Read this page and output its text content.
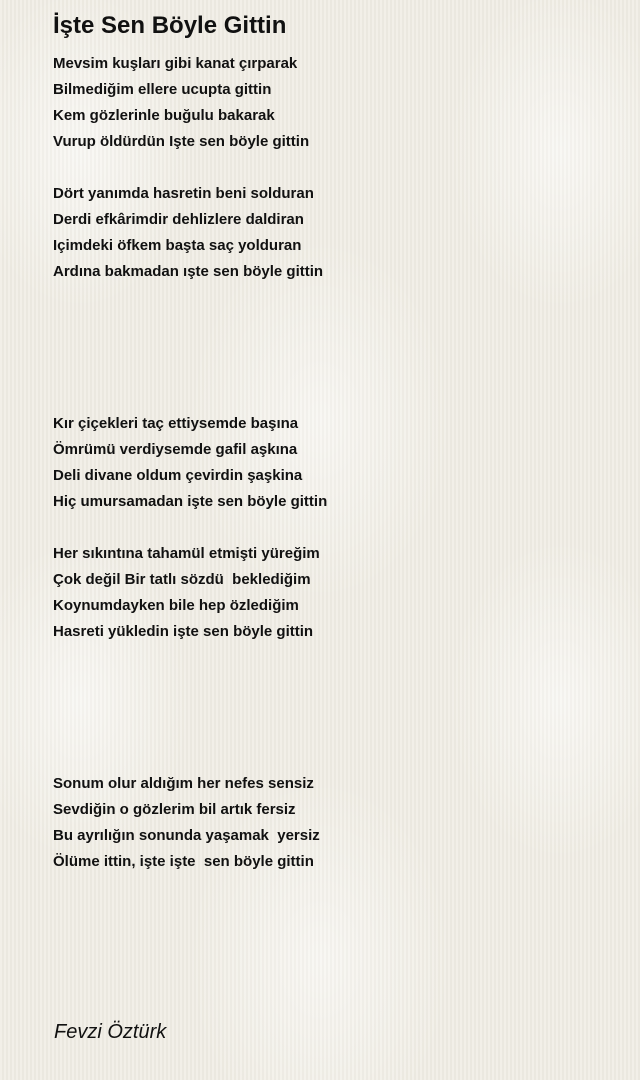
İşte Sen Böyle Gittin
Mevsim kuşları gibi kanat çırparak
Bilmediğim ellere ucupta gittin
Kem gözlerinle buğulu bakarak
Vurup öldürdün Işte sen böyle gittin
Dört yanımda hasretin beni solduran
Derdi efkârimdir dehlizlere daldiran
Içimdeki öfkem başta saç yolduran
Ardına bakmadan ışte sen böyle gittin
Kır çiçekleri taç ettiysemde başına
Ömrümü verdiysemde gafil aşkına
Deli divane oldum çevirdin şaşkina
Hiç umursamadan işte sen böyle gittin
Her sıkıntına tahamül etmişti yüreğim
Çok değil Bir tatlı sözdü  beklediğim
Koynumdayken bile hep özlediğim
Hasreti yükledin işte sen böyle gittin
Sonum olur aldığım her nefes sensiz
Sevdiğin o gözlerim bil artık fersiz
Bu ayrılığın sonunda yaşamak  yersiz
Ölüme ittin, işte işte  sen böyle gittin
Fevzi Öztürk
